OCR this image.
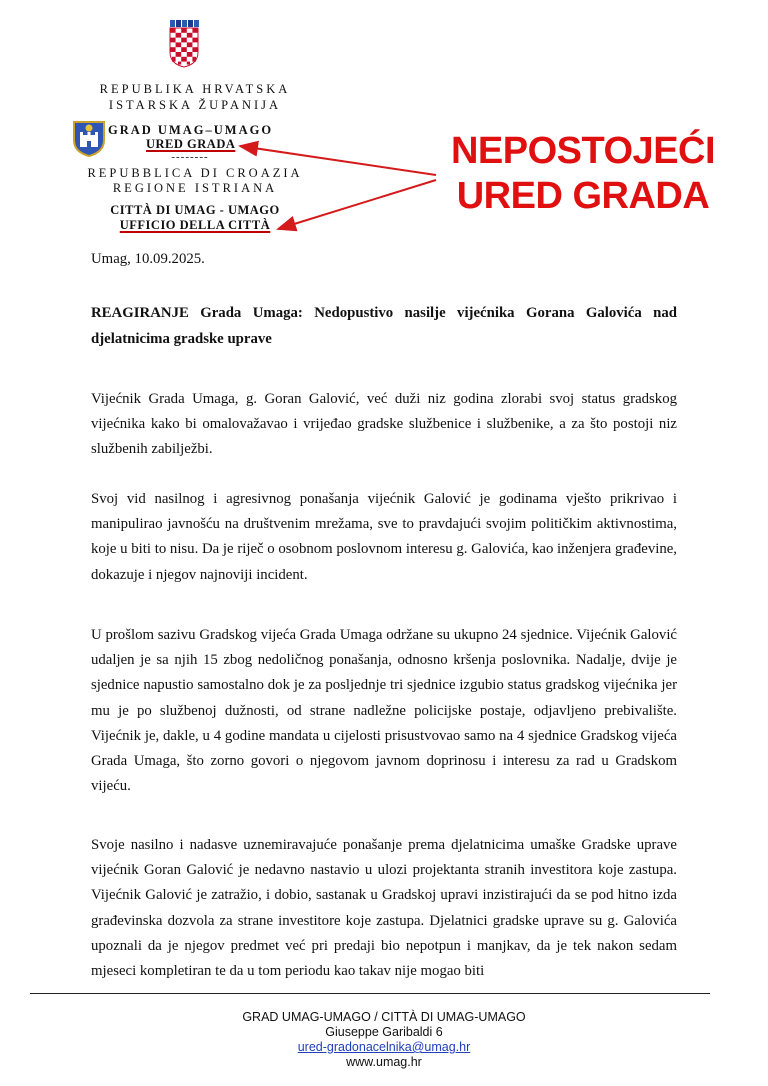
REPUBLIKA HRVATSKA
ISTARSKA ŽUPANIJA
GRAD UMAG–UMAGO
URED GRADA
--------
REPUBBLICA DI CROAZIA
REGIONE ISTRIANA
CITTÀ DI UMAG - UMAGO
UFFICIO DELLA CITTÀ
NEPOSTOJEĆI
URED GRADA
Umag, 10.09.2025.
REAGIRANJE Grada Umaga: Nedopustivo nasilje vijećnika Gorana Galovića nad djelatnicima gradske uprave
Vijećnik Grada Umaga, g. Goran Galović, već duži niz godina zlorabi svoj status gradskog vijećnika kako bi omalovažavao i vrijeđao gradske službenice i službenike, a za što postoji niz službenih zabilježbi.
Svoj vid nasilnog i agresivnog ponašanja vijećnik Galović je godinama vješto prikrivao i manipulirao javnošću na društvenim mrežama, sve to pravdajući svojim političkim aktivnostima, koje u biti to nisu. Da je riječ o osobnom poslovnom interesu g. Galovića, kao inženjera građevine, dokazuje i njegov najnoviji incident.
U prošlom sazivu Gradskog vijeća Grada Umaga održane su ukupno 24 sjednice. Vijećnik Galović udaljen je sa njih 15 zbog nedoličnog ponašanja, odnosno kršenja poslovnika. Nadalje, dvije je sjednice napustio samostalno dok je za posljednje tri sjednice izgubio status gradskog vijećnika jer mu je po službenoj dužnosti, od strane nadležne policijske postaje, odjavljeno prebivalište. Vijećnik je, dakle, u 4 godine mandata u cijelosti prisustvovao samo na 4 sjednice Gradskog vijeća Grada Umaga, što zorno govori o njegovom javnom doprinosu i interesu za rad u Gradskom vijeću.
Svoje nasilno i nadasve uznemiravajuće ponašanje prema djelatnicima umaške Gradske uprave vijećnik Goran Galović je nedavno nastavio u ulozi projektanta stranih investitora koje zastupa. Vijećnik Galović je zatražio, i dobio, sastanak u Gradskoj upravi inzistirajući da se pod hitno izda građevinska dozvola za strane investitore koje zastupa. Djelatnici gradske uprave su g. Galovića upoznali da je njegov predmet već pri predaji bio nepotpun i manjkav, da je tek nakon sedam mjeseci kompletiran te da u tom periodu kao takav nije mogao biti
GRAD UMAG-UMAGO / CITTÀ DI UMAG-UMAGO
Giuseppe Garibaldi 6
ured-gradonacelnika@umag.hr
www.umag.hr
